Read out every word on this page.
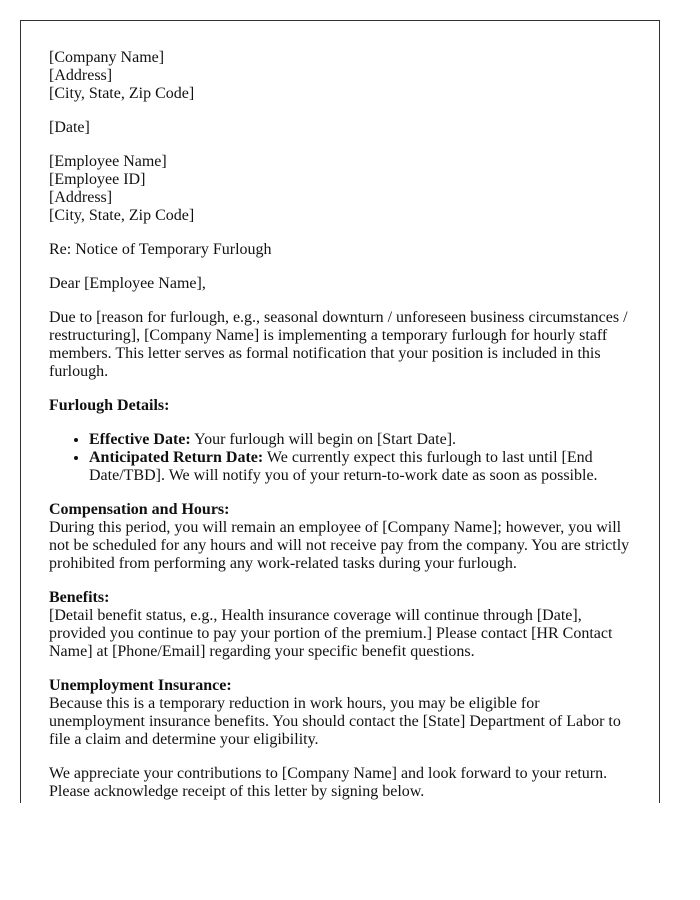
[Company Name]
[Address]
[City, State, Zip Code]
[Date]
[Employee Name]
[Employee ID]
[Address]
[City, State, Zip Code]

Re: Notice of Temporary Furlough

Dear [Employee Name],

Due to [reason for furlough, e.g., seasonal downturn / unforeseen business circumstances / restructuring], [Company Name] is implementing a temporary furlough for hourly staff members. This letter serves as formal notification that your position is included in this furlough.

Furlough Details:

• Effective Date: Your furlough will begin on [Start Date].
• Anticipated Return Date: We currently expect this furlough to last until [End Date/TBD]. We will notify you of your return-to-work date as soon as possible.

Compensation and Hours:
During this period, you will remain an employee of [Company Name]; however, you will not be scheduled for any hours and will not receive pay from the company. You are strictly prohibited from performing any work-related tasks during your furlough.

Benefits:
[Detail benefit status, e.g., Health insurance coverage will continue through [Date], provided you continue to pay your portion of the premium.] Please contact [HR Contact Name] at [Phone/Email] regarding your specific benefit questions.

Unemployment Insurance:
Because this is a temporary reduction in work hours, you may be eligible for unemployment insurance benefits. You should contact the [State] Department of Labor to file a claim and determine your eligibility.

We appreciate your contributions to [Company Name] and look forward to your return. Please acknowledge receipt of this letter by signing below.
